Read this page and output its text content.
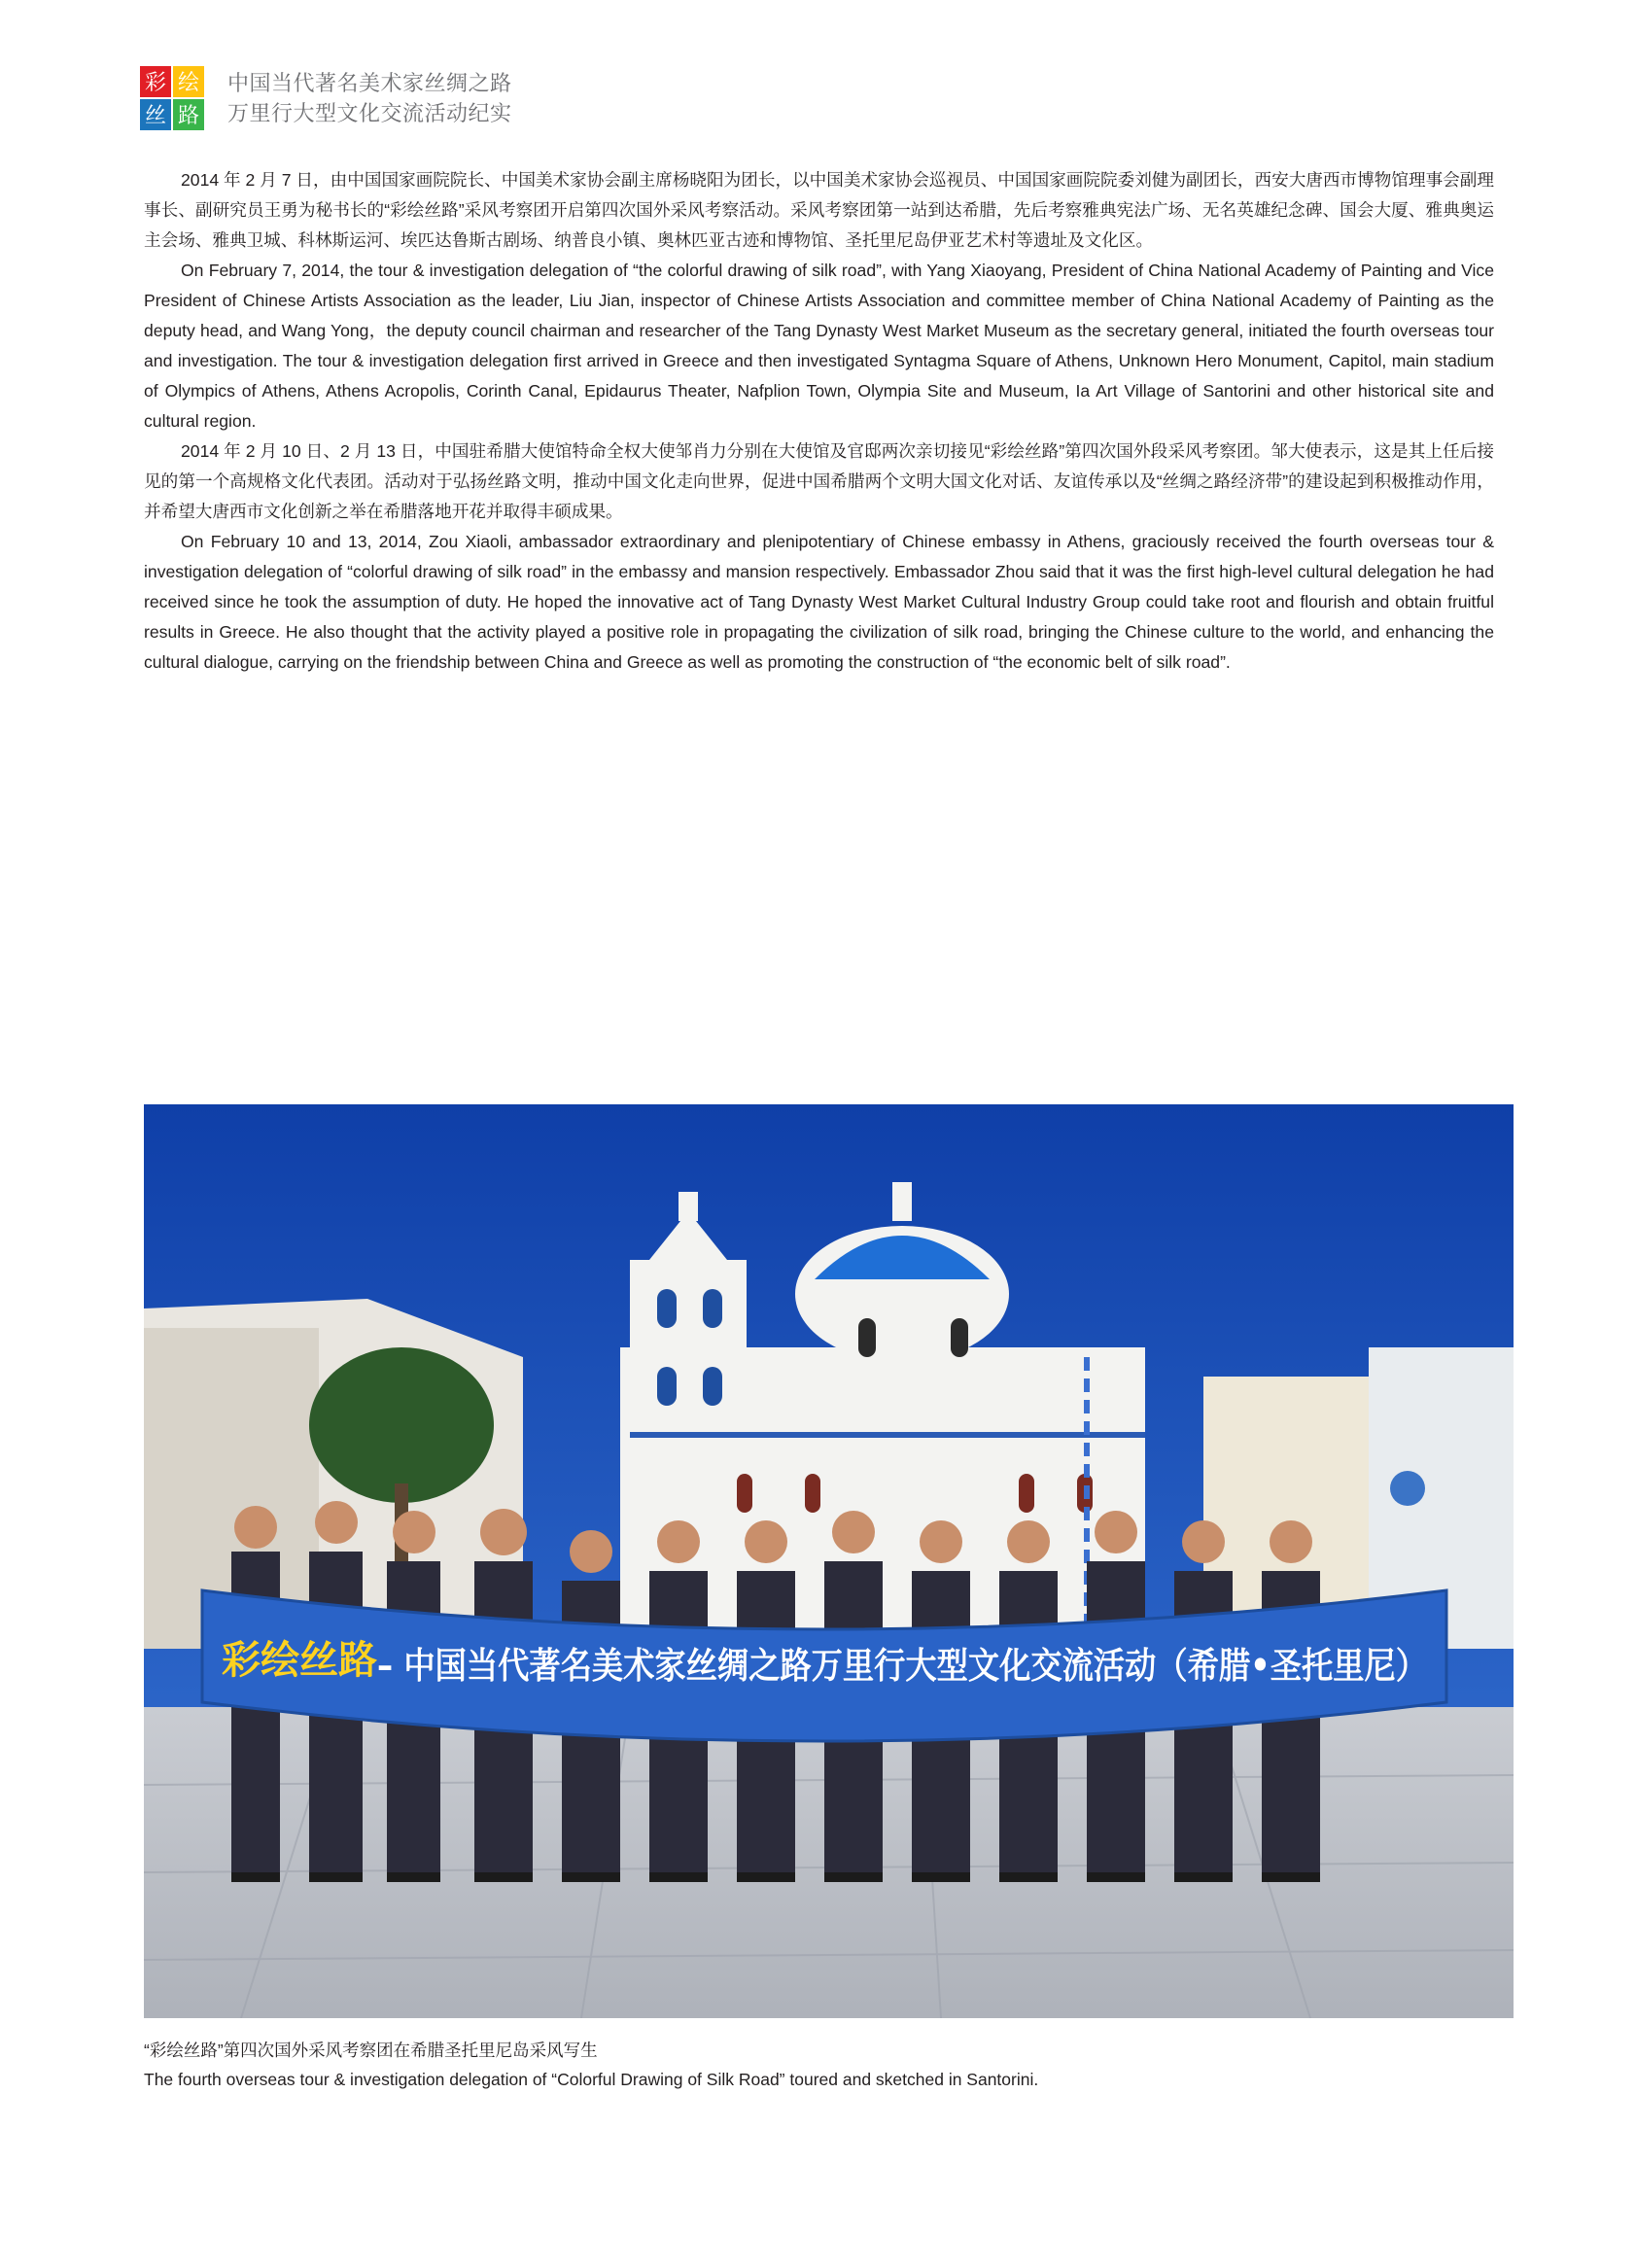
彩 绘
丝 路
中国当代著名美术家丝绸之路
万里行大型文化交流活动纪实

2014 年 2 月 7 日，由中国国家画院院长、中国美术家协会副主席杨晓阳为团长，以中国美术家协会巡视员、中国国家画院院委刘健为副团长，西安大唐西市博物馆理事会副理事长、副研究员王勇为秘书长的“彩绘丝路”采风考察团开启第四次国外采风考察活动。采风考察团第一站到达希腊，先后考察雅典宪法广场、无名英雄纪念碑、国会大厦、雅典奥运主会场、雅典卫城、科林斯运河、埃匹达鲁斯古剧场、纳普良小镇、奥林匹亚古迹和博物馆、圣托里尼岛伊亚艺术村等遗址及文化区。

On February 7, 2014, the tour & investigation delegation of “the colorful drawing of silk road”, with Yang Xiaoyang, President of China National Academy of Painting and Vice President of Chinese Artists Association as the leader, Liu Jian, inspector of Chinese Artists Association and committee member of China National Academy of Painting as the deputy head, and Wang Yong，the deputy council chairman and researcher of the Tang Dynasty West Market Museum as the secretary general, initiated the fourth overseas tour and investigation. The tour & investigation delegation first arrived in Greece and then investigated Syntagma Square of Athens, Unknown Hero Monument, Capitol, main stadium of Olympics of Athens, Athens Acropolis, Corinth Canal, Epidaurus Theater, Nafplion Town, Olympia Site and Museum, Ia Art Village of Santorini and other historical site and cultural region.

2014 年 2 月 10 日、2 月 13 日，中国驻希腊大使馆特命全权大使邹肖力分别在大使馆及官邸两次亲切接见“彩绘丝路”第四次国外段采风考察团。邹大使表示，这是其上任后接见的第一个高规格文化代表团。活动对于弘扬丝路文明，推动中国文化走向世界，促进中国希腊两个文明大国文化对话、友谊传承以及“丝绸之路经济带”的建设起到积极推动作用，并希望大唐西市文化创新之举在希腊落地开花并取得丰硕成果。

On February 10 and 13, 2014, Zou Xiaoli, ambassador extraordinary and plenipotentiary of Chinese embassy in Athens, graciously received the fourth overseas tour & investigation delegation of “colorful drawing of silk road” in the embassy and mansion respectively. Embassador Zhou said that it was the first high-level cultural delegation he had received since he took the assumption of duty. He hoped the innovative act of Tang Dynasty West Market Cultural Industry Group could take root and flourish and obtain fruitful results in Greece. He also thought that the activity played a positive role in propagating the civilization of silk road, bringing the Chinese culture to the world, and enhancing the cultural dialogue, carrying on the friendship between China and Greece as well as promoting the construction of “the economic belt of silk road”.

彩绘丝路 – 中国当代著名美术家丝绸之路万里行大型文化交流活动（希腊•圣托里尼）
“彩绘丝路”第四次国外采风考察团在希腊圣托里尼岛采风写生
The fourth overseas tour & investigation delegation of “Colorful Drawing of Silk Road” toured and sketched in Santorini.
